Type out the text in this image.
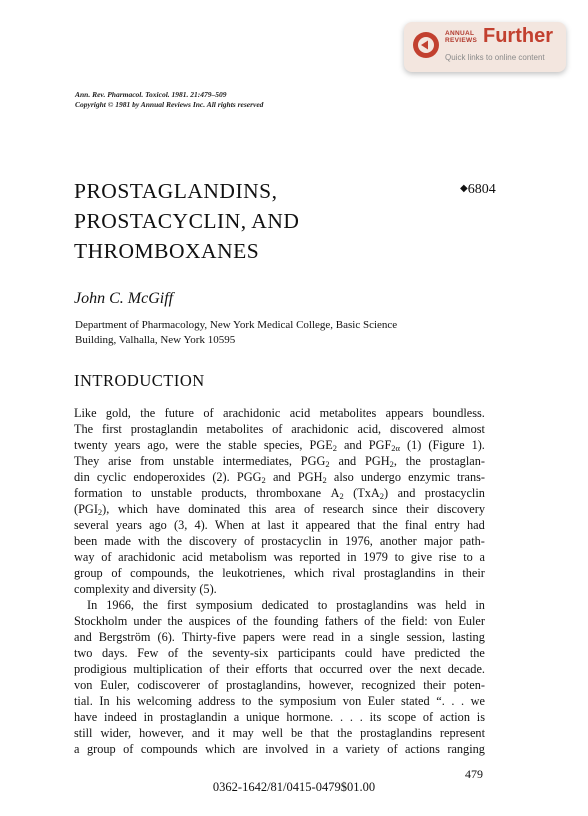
ANNUAL
REVIEWS Further
Quick links to online content
Ann. Rev. Pharmacol. Toxicol. 1981. 21:479–509
Copyright © 1981 by Annual Reviews Inc. All rights reserved
PROSTAGLANDINS,
PROSTACYCLIN, AND
THROMBOXANES
◆6804
John C. McGiff
Department of Pharmacology, New York Medical College, Basic Science
Building, Valhalla, New York 10595
INTRODUCTION
Like gold, the future of arachidonic acid metabolites appears boundless.
The first prostaglandin metabolites of arachidonic acid, discovered almost
twenty years ago, were the stable species, $PGE_2$ and $PGF_{2\alpha}$ (1) (Figure 1).
They arise from unstable intermediates, $PGG_2$ and $PGH_2$, the prostaglan-
din cyclic endoperoxides (2). $PGG_2$ and $PGH_2$ also undergo enzymic trans-
formation to unstable products, thromboxane $A_2$ (TxA$_2$) and prostacyclin
$(PGI_2)$, which have dominated this area of research since their discovery
several years ago (3, 4). When at last it appeared that the final entry had
been made with the discovery of prostacyclin in 1976, another major path-
way of arachidonic acid metabolism was reported in 1979 to give rise to a
group of compounds, the leukotrienes, which rival prostaglandins in their
complexity and diversity (5).
In 1966, the first symposium dedicated to prostaglandins was held in
Stockholm under the auspices of the founding fathers of the field: von Euler
and Bergström (6). Thirty-five papers were read in a single session, lasting
two days. Few of the seventy-six participants could have predicted the
prodigious multiplication of their efforts that occurred over the next decade.
von Euler, codiscoverer of prostaglandins, however, recognized their poten-
tial. In his welcoming address to the symposium von Euler stated “. . . we
have indeed in prostaglandin a unique hormone. . . . its scope of action is
still wider, however, and it may well be that the prostaglandins represent
a group of compounds which are involved in a variety of actions ranging
479
0362-1642/81/0415-0479$01.00
